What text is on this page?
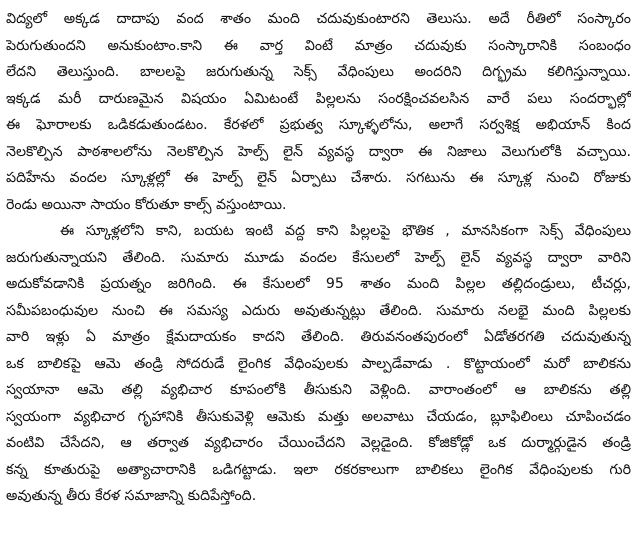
విద్యలో అక్కడ దాదాపు వంద శాతం మంది చదువుకుంటారని తెలుసు. అదే రీతిలో సంస్కారం
పెరుగుతుందని అనుకుంటాం.కాని ఈ వార్త వింటే మాత్రం చదువుకు సంస్కారానికి సంబంధం
లేదని తెలుస్తుంది. బాలలపై జరుగుతున్న సెక్స్ వేధింపులు అందరిని దిగ్భ్రమ కలిగిస్తున్నాయి.
ఇక్కడ మరీ దారుణమైన విషయం ఏమిటంటే పిల్లలను సంరక్షించవలసిన వారే పలు సందర్భాల్లో
ఈ ఘోరాలకు ఒడికడుతుండటం. కేరళలో ప్రభుత్వ స్కూళ్ళలోను, అలాగే సర్వశిక్ష అభియాన్ కింద
నెలకొల్పిన పాఠశాలలోను నెలకొల్పిన హెల్ప్ లైన్ వ్యవస్థ ద్వారా ఈ నిజాలు వెలుగులోకి వచ్చాయి.
పదిహేను వందల స్కూళ్లల్లో ఈ హెల్ప్ లైన్ ఏర్పాటు చేశారు. సగటును ఈ స్కూళ్ల నుంచి రోజుకు
రెండు అయినా సాయం కోరుతూ కాల్స్ వస్తుంటాయి.
ఈ స్కూళ్లలోని కాని, బయట ఇంటి వద్ద కాని పిల్లలపై భౌతిక , మానసికంగా సెక్స్ వేధింపులు
జరుగుతున్నాయని తేలింది. సుమారు మూడు వందల కేసులలో హెల్ప్ లైన్ వ్యవస్థ ద్వారా వారిని
అదుకోవడానికి ప్రయత్నం జరిగింది. ఈ కేసులలో 95 శాతం మంది పిల్లల తల్లిదండ్రులు, టీచర్లు,
సమీపబంధువుల నుంచి ఈ సమస్య ఎదురు అవుతున్నట్లు తేలింది. సుమారు నలభై మంది పిల్లలకు
వారి ఇళ్లు ఏ మాత్రం క్షేమదాయకం కాదని తేలింది. తిరువనంతపురంలో ఏడోతరగతి చదువుతున్న
ఒక బాలికపై ఆమె తండ్రి సోదరుడే లైంగిక వేధింపులకు పాల్పడేవాడు . కొట్టాయంలో మరో బాలికను
స్వయానా ఆమె తల్లి వ్యభిచార కూపంలోకి తీసుకుని వెళ్లింది. వారాంతంలో ఆ బాలికను తల్లి
స్వయంగా వ్యభిచార గృహానికి తీసుకువెళ్లి ఆమెకు మత్తు అలవాటు చేయడం, బ్లూఫిలింలు చూపించడం
వంటివి చేసేదని, ఆ తర్వాత వ్యభిచారం చేయించేదని వెల్లడైంది. కోజికోడ్లో ఒక దుర్మార్గుడైన తండ్రి
కన్న కూతురుపై అత్యాచారానికి ఒడిగట్టాడు. ఇలా రకరకాలుగా బాలికలు లైంగిక వేధింపులకు గురి
అవుతున్న తీరు కేరళ సమాజాన్ని కుదిపేస్తోంది.
